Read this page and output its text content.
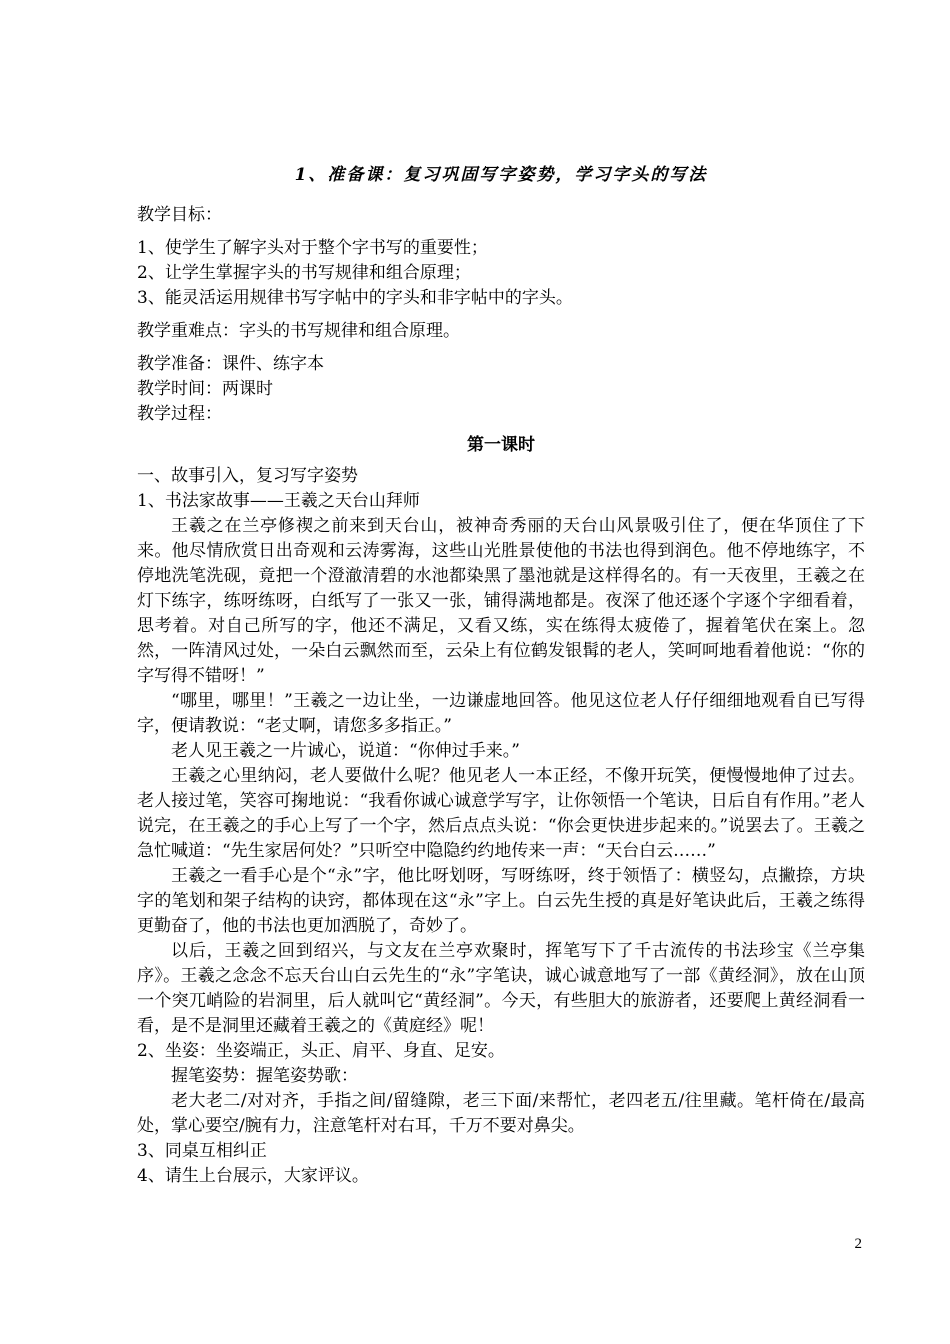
1、准备课：复习巩固写字姿势，学习字头的写法

教学目标：

1、使学生了解字头对于整个字书写的重要性；

2、让学生掌握字头的书写规律和组合原理；

3、能灵活运用规律书写字帖中的字头和非字帖中的字头。

教学重难点：字头的书写规律和组合原理。

教学准备：课件、练字本

教学时间：两课时

教学过程：

第一课时

一、故事引入，复习写字姿势

1、书法家故事——王羲之天台山拜师

王羲之在兰亭修禊之前来到天台山，被神奇秀丽的天台山风景吸引住了，便在华顶住了下来。他尽情欣赏日出奇观和云涛雾海，这些山光胜景使他的书法也得到润色。他不停地练字，不停地洗笔洗砚，竟把一个澄澈清碧的水池都染黑了墨池就是这样得名的。有一天夜里，王羲之在灯下练字，练呀练呀，白纸写了一张又一张，铺得满地都是。夜深了他还逐个字逐个字细看着，思考着。对自己所写的字，他还不满足，又看又练，实在练得太疲倦了，握着笔伏在案上。忽然，一阵清风过处，一朵白云飘然而至，云朵上有位鹤发银髯的老人，笑呵呵地看着他说：“你的字写得不错呀！”

“哪里，哪里！”王羲之一边让坐，一边谦虚地回答。他见这位老人仔仔细细地观看自已写得字，便请教说：“老丈啊，请您多多指正。”

老人见王羲之一片诚心，说道：“你伸过手来。”

王羲之心里纳闷，老人要做什么呢？他见老人一本正经，不像开玩笑，便慢慢地伸了过去。老人接过笔，笑容可掬地说：“我看你诚心诚意学写字，让你领悟一个笔诀，日后自有作用。”老人说完，在王羲之的手心上写了一个字，然后点点头说：“你会更快进步起来的。”说罢去了。王羲之急忙喊道：“先生家居何处？”只听空中隐隐约约地传来一声：“天台白云……”

王羲之一看手心是个“永”字，他比呀划呀，写呀练呀，终于领悟了：横竖勾，点撇捺，方块字的笔划和架子结构的诀窍，都体现在这“永”字上。白云先生授的真是好笔诀此后，王羲之练得更勤奋了，他的书法也更加洒脱了，奇妙了。

以后，王羲之回到绍兴，与文友在兰亭欢聚时，挥笔写下了千古流传的书法珍宝《兰亭集序》。王羲之念念不忘天台山白云先生的“永”字笔诀，诚心诚意地写了一部《黄经洞》，放在山顶一个突兀峭险的岩洞里，后人就叫它“黄经洞”。今天，有些胆大的旅游者，还要爬上黄经洞看一看，是不是洞里还藏着王羲之的《黄庭经》呢！

2、坐姿：坐姿端正，头正、肩平、身直、足安。

握笔姿势：握笔姿势歌：

老大老二/对对齐，手指之间/留缝隙，老三下面/来帮忙，老四老五/往里藏。笔杆倚在/最高处，掌心要空/腕有力，注意笔杆对右耳，千万不要对鼻尖。

3、同桌互相纠正

4、请生上台展示，大家评议。

2
